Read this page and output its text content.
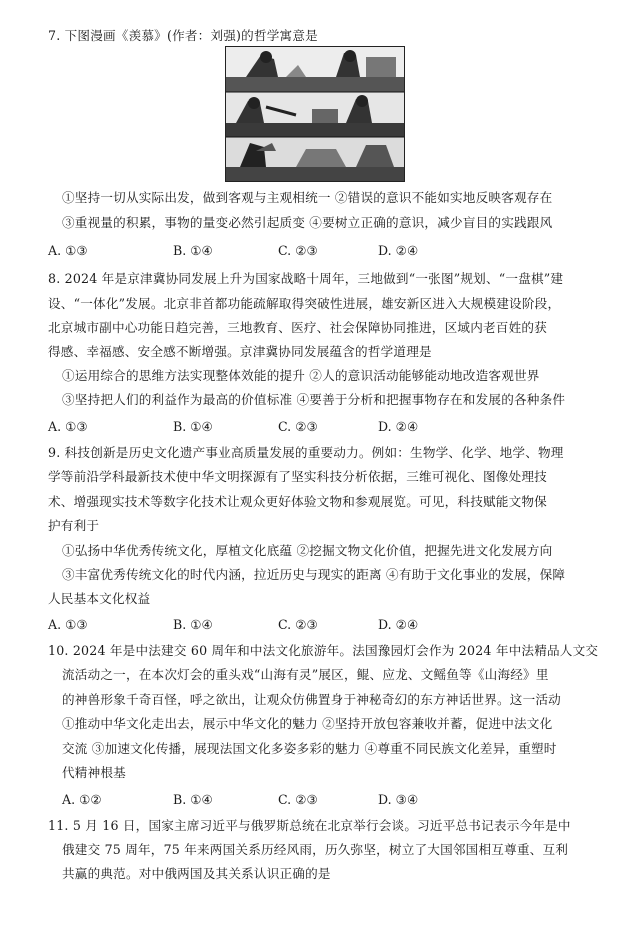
7. 下图漫画《羡慕》(作者：刘强)的哲学寓意是
①坚持一切从实际出发，做到客观与主观相统一 ②错误的意识不能如实地反映客观存在
③重视量的积累，事物的量变必然引起质变 ④要树立正确的意识，减少盲目的实践跟风
A. ①③	B. ①④	C. ②③	D. ②④
8. 2024 年是京津冀协同发展上升为国家战略十周年，三地做到“一张图”规划、“一盘棋”建
设、“一体化”发展。北京非首都功能疏解取得突破性进展，雄安新区进入大规模建设阶段，
北京城市副中心功能日趋完善，三地教育、医疗、社会保障协同推进，区域内老百姓的获
得感、幸福感、安全感不断增强。京津冀协同发展蕴含的哲学道理是
①运用综合的思维方法实现整体效能的提升 ②人的意识活动能够能动地改造客观世界
③坚持把人们的利益作为最高的价值标准 ④要善于分析和把握事物存在和发展的各种条件
A. ①③	B. ①④	C. ②③	D. ②④
9. 科技创新是历史文化遗产事业高质量发展的重要动力。例如：生物学、化学、地学、物理
学等前沿学科最新技术使中华文明探源有了坚实科技分析依据，三维可视化、图像处理技
术、增强现实技术等数字化技术让观众更好体验文物和参观展览。可见，科技赋能文物保
护有利于
①弘扬中华优秀传统文化，厚植文化底蕴 ②挖掘文物文化价值，把握先进文化发展方向
③丰富优秀传统文化的时代内涵，拉近历史与现实的距离 ④有助于文化事业的发展，保障
人民基本文化权益
A. ①③	B. ①④	C. ②③	D. ②④
10. 2024 年是中法建交 60 周年和中法文化旅游年。法国豫园灯会作为 2024 年中法精品人文交
流活动之一，在本次灯会的重头戏“山海有灵”展区，鲲、应龙、文鳐鱼等《山海经》里
的神兽形象千奇百怪，呼之欲出，让观众仿佛置身于神秘奇幻的东方神话世界。这一活动
①推动中华文化走出去，展示中华文化的魅力 ②坚持开放包容兼收并蓄，促进中法文化
交流 ③加速文化传播，展现法国文化多姿多彩的魅力 ④尊重不同民族文化差异，重塑时
代精神根基
A. ①②	B. ①④	C. ②③	D. ③④
11. 5 月 16 日，国家主席习近平与俄罗斯总统在北京举行会谈。习近平总书记表示今年是中
俄建交 75 周年，75 年来两国关系历经风雨，历久弥坚，树立了大国邻国相互尊重、互利
共赢的典范。对中俄两国及其关系认识正确的是
